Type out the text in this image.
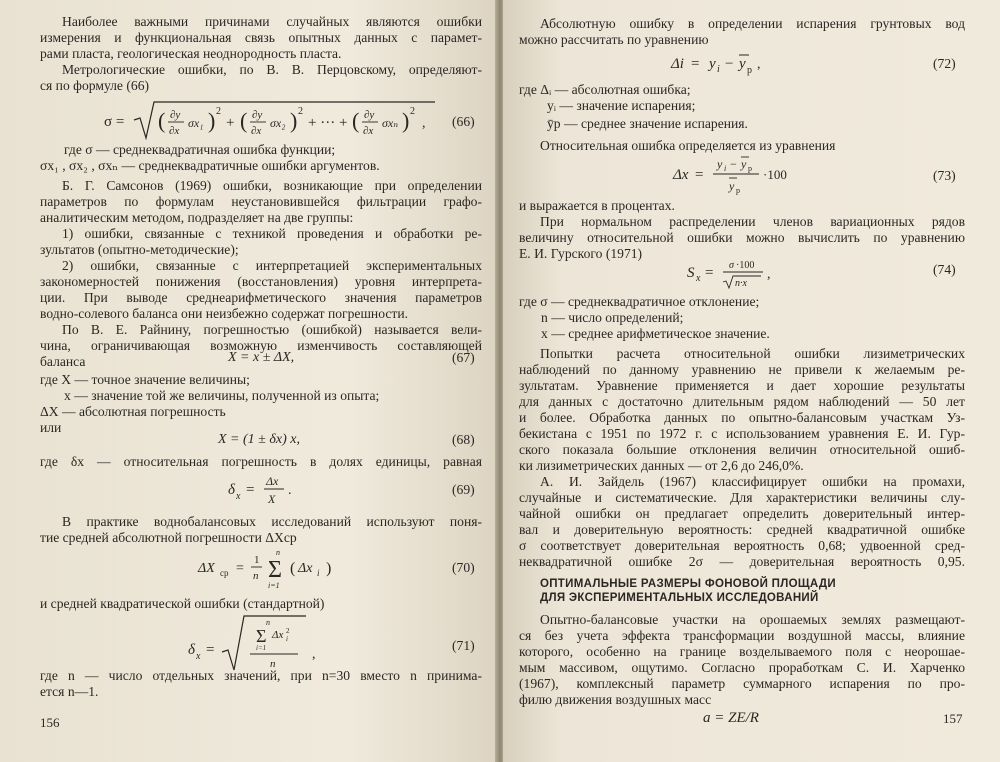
Наиболее важными причинами случайных являются ошибки
измерения и функциональная связь опытных данных с парамет-
рами пласта, геологическая неоднородность пласта.
Метрологические ошибки, по В. В. Перцовскому, определяют-
ся по формуле (66)
σ = ( ∂y
∂x
σx₁ ) 2
+ ( ∂y
∂x
σx₂ ) 2
+ ··· + ( ∂y
∂x
σxₙ ) 2
, (66)
где σ — среднеквадратичная ошибка функции;
σx₁ , σx₂ , σxₙ — среднеквадратичные ошибки аргументов.
Б. Г. Самсонов (1969) ошибки, возникающие при определении
параметров по формулам неустановившейся фильтрации графо-
аналитическим методом, подразделяет на две группы:
1) ошибки, связанные с техникой проведения и обработки ре-
зультатов (опытно-методические);
2) ошибки, связанные с интерпретацией экспериментальных
закономерностей понижения (восстановления) уровня интерпрета-
ции. При выводе среднеарифметического значения параметров
водно-солевого баланса они неизбежно содержат погрешности.
По В. Е. Райнину, погрешностью (ошибкой) называется вели-
чина, ограничивающая возможную изменчивость составляющей
баланса	X = x ± ΔX,	(67)
где X — точное значение величины;
x — значение той же величины, полученной из опыта;
ΔX — абсолютная погрешность
или
X = (1 ± δx) x,	(68)
где δx — относительная погрешность в долях единицы, равная
δ x =
Δx
X
.	(69)
В практике воднобалансовых исследований используют поня-
тие средней абсолютной погрешности ΔXср
ΔX ср =
1
n
n
Σ
i=1
( Δx i )	(70)
и средней квадратической ошибки (стандартной)
δ x =
n
Σ
i=1
Δx 2
i
n
,
(71)
где n — число отдельных значений, при n=30 вместо n принима-
ется n—1.
156
Абсолютную ошибку в определении испарения грунтовых вод
можно рассчитать по уравнению
Δi = y i − y р ,	(72)
где Δᵢ — абсолютная ошибка;
yᵢ — значение испарения;
ȳр — среднее значение испарения.
Относительная ошибка определяется из уравнения
Δx =
y i − y р
y р
·100	(73)
и выражается в процентах.
При нормальном распределении членов вариационных рядов
величину относительной ошибки можно вычислить по уравнению
Е. И. Гурского (1971)
S x = σ ·100
n·x
,	(74)
где σ — среднеквадратичное отклонение;
n — число определений;
x — среднее арифметическое значение.
Попытки расчета относительной ошибки лизиметрических
наблюдений по данному уравнению не привели к желаемым ре-
зультатам. Уравнение применяется и дает хорошие результаты
для данных с достаточно длительным рядом наблюдений — 50 лет
и более. Обработка данных по опытно-балансовым участкам Уз-
бекистана с 1951 по 1972 г. с использованием уравнения Е. И. Гур-
ского показала большие отклонения величин относительной ошиб-
ки лизиметрических данных — от 2,6 до 246,0%.
А. И. Зайдель (1967) классифицирует ошибки на промахи,
случайные и систематические. Для характеристики величины слу-
чайной ошибки он предлагает определить доверительный интер-
вал и доверительную вероятность: средней квадратичной ошибке
σ соответствует доверительная вероятность 0,68; удвоенной сред-
неквадратичной ошибке 2σ — доверительная вероятность 0,95.
ОПТИМАЛЬНЫЕ РАЗМЕРЫ ФОНОВОЙ ПЛОЩАДИ
ДЛЯ ЭКСПЕРИМЕНТАЛЬНЫХ ИССЛЕДОВАНИЙ
Опытно-балансовые участки на орошаемых землях размещают-
ся без учета эффекта трансформации воздушной массы, влияние
которого, особенно на границе возделываемого поля с неорошае-
мым массивом, ощутимо. Согласно проработкам С. И. Харченко
(1967), комплексный параметр суммарного испарения по про-
филю движения воздушных масс
a = ZE/R	157
